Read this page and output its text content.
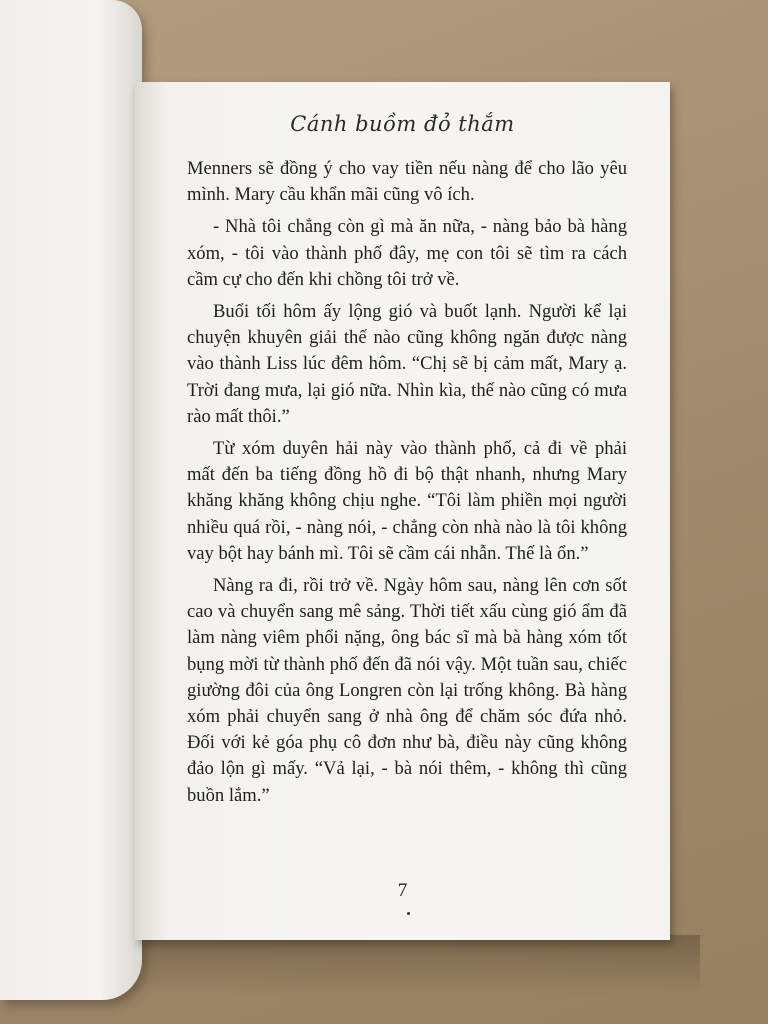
Cánh buồm đỏ thắm

Menners sẽ đồng ý cho vay tiền nếu nàng để cho lão yêu mình. Mary cầu khẩn mãi cũng vô ích.

- Nhà tôi chẳng còn gì mà ăn nữa, - nàng bảo bà hàng xóm, - tôi vào thành phố đây, mẹ con tôi sẽ tìm ra cách cầm cự cho đến khi chồng tôi trở về.

Buổi tối hôm ấy lộng gió và buốt lạnh. Người kể lại chuyện khuyên giải thế nào cũng không ngăn được nàng vào thành Liss lúc đêm hôm. “Chị sẽ bị cảm mất, Mary ạ. Trời đang mưa, lại gió nữa. Nhìn kìa, thế nào cũng có mưa rào mất thôi.”

Từ xóm duyên hải này vào thành phố, cả đi về phải mất đến ba tiếng đồng hồ đi bộ thật nhanh, nhưng Mary khăng khăng không chịu nghe. “Tôi làm phiền mọi người nhiều quá rồi, - nàng nói, - chẳng còn nhà nào là tôi không vay bột hay bánh mì. Tôi sẽ cầm cái nhẫn. Thế là ổn.”

Nàng ra đi, rồi trở về. Ngày hôm sau, nàng lên cơn sốt cao và chuyển sang mê sảng. Thời tiết xấu cùng gió ẩm đã làm nàng viêm phổi nặng, ông bác sĩ mà bà hàng xóm tốt bụng mời từ thành phố đến đã nói vậy. Một tuần sau, chiếc giường đôi của ông Longren còn lại trống không. Bà hàng xóm phải chuyển sang ở nhà ông để chăm sóc đứa nhỏ. Đối với kẻ góa phụ cô đơn như bà, điều này cũng không đảo lộn gì mấy. “Vả lại, - bà nói thêm, - không thì cũng buồn lắm.”

7
